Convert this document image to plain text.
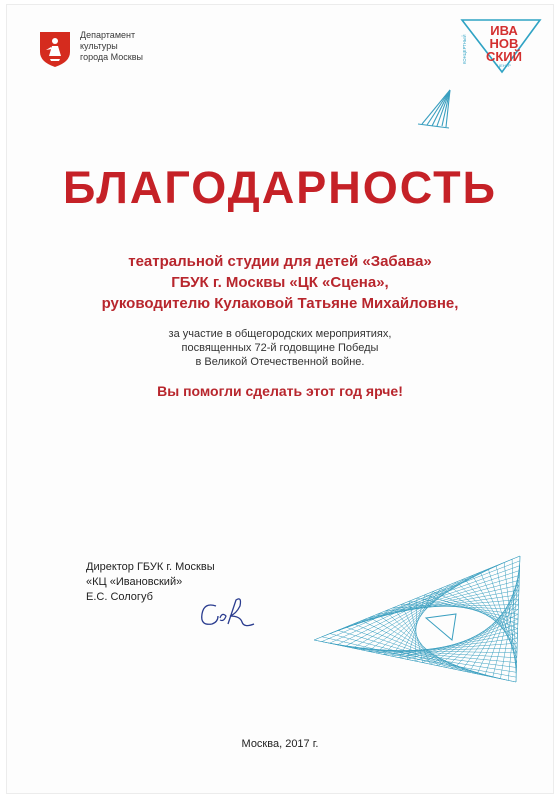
Департамент
культуры
города Москвы	КОНЦЕРТНЫЙ
ИВА
НОВ
СКИЙ
ЦЕНТР
БЛАГОДАРНОСТЬ
театральной студии для детей «Забава»
ГБУК г. Москвы «ЦК «Сцена»,
руководителю Кулаковой Татьяне Михайловне,
за участие в общегородских мероприятиях,
посвященных 72-й годовщине Победы
в Великой Отечественной войне.
Вы помогли сделать этот год ярче!
Директор ГБУК г. Москвы
«КЦ «Ивановский»
Е.С. Сологуб
Москва, 2017 г.
